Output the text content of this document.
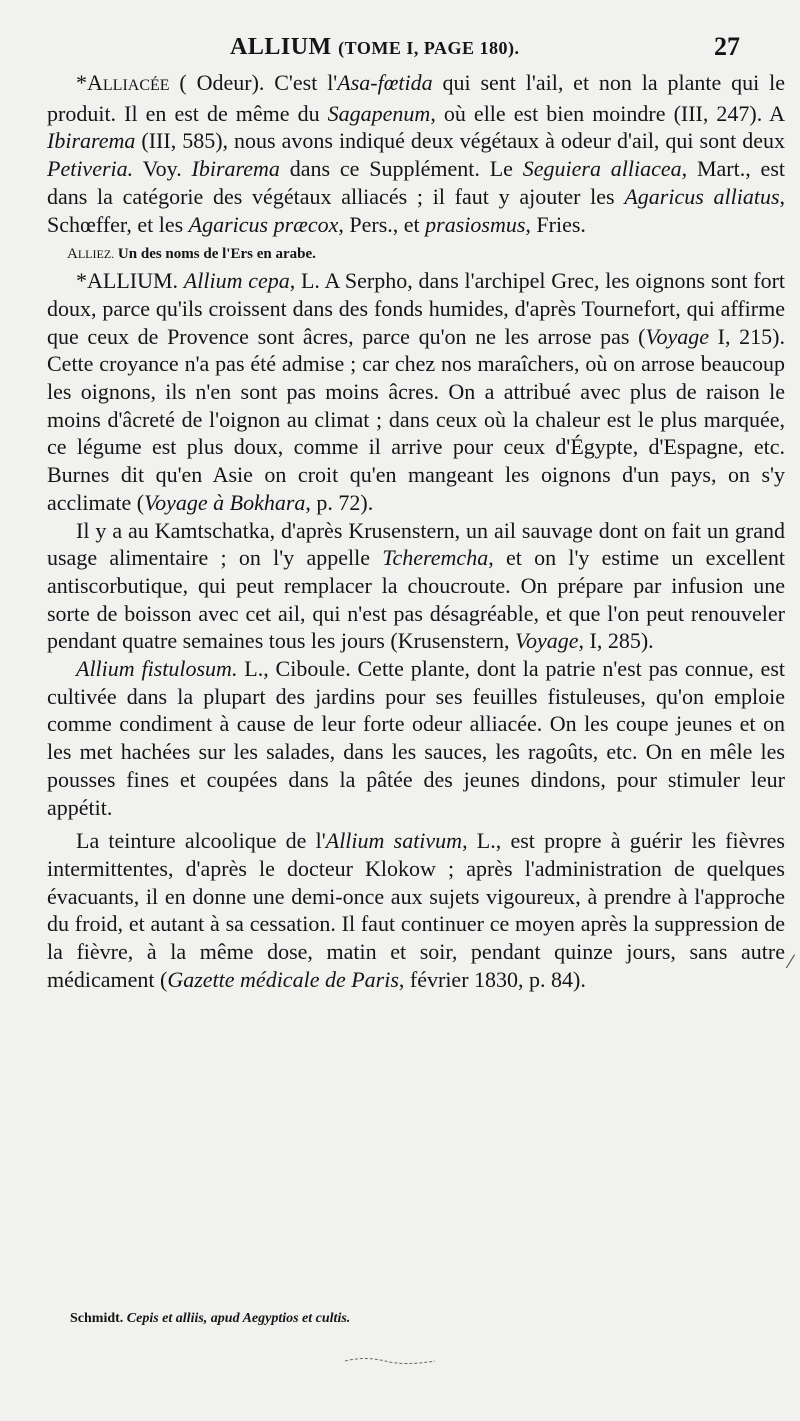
ALLIUM (TOME I, PAGE 180).	27

*ALLIACÉE ( Odeur). C'est l'Asa-fœtida qui sent l'ail, et non la plante qui le produit. Il en est de même du Sagapenum, où elle est bien moindre (III, 247). A Ibirarema (III, 585), nous avons indiqué deux végétaux à odeur d'ail, qui sont deux Petiveria. Voy. Ibirarema dans ce Supplément. Le Seguiera alliacea, Mart., est dans la catégorie des végétaux alliacés ; il faut y ajouter les Agaricus alliatus, Schœffer, et les Agaricus præcox, Pers., et prasiosmus, Fries.

ALLIEZ. Un des noms de l'Ers en arabe.

*ALLIUM. Allium cepa, L. A Serpho, dans l'archipel Grec, les oignons sont fort doux, parce qu'ils croissent dans des fonds humides, d'après Tournefort, qui affirme que ceux de Provence sont âcres, parce qu'on ne les arrose pas (Voyage I, 215). Cette croyance n'a pas été admise ; car chez nos maraîchers, où on arrose beaucoup les oignons, ils n'en sont pas moins âcres. On a attribué avec plus de raison le moins d'âcreté de l'oignon au climat ; dans ceux où la chaleur est le plus marquée, ce légume est plus doux, comme il arrive pour ceux d'Égypte, d'Espagne, etc. Burnes dit qu'en Asie on croit qu'en mangeant les oignons d'un pays, on s'y acclimate (Voyage à Bokhara, p. 72).

Il y a au Kamtschatka, d'après Krusenstern, un ail sauvage dont on fait un grand usage alimentaire ; on l'y appelle Tcheremcha, et on l'y estime un excellent antiscorbutique, qui peut remplacer la choucroute. On prépare par infusion une sorte de boisson avec cet ail, qui n'est pas désagréable, et que l'on peut renouveler pendant quatre semaines tous les jours (Krusenstern, Voyage, I, 285).

Allium fistulosum. L., Ciboule. Cette plante, dont la patrie n'est pas connue, est cultivée dans la plupart des jardins pour ses feuilles fistuleuses, qu'on emploie comme condiment à cause de leur forte odeur alliacée. On les coupe jeunes et on les met hachées sur les salades, dans les sauces, les ragoûts, etc. On en mêle les pousses fines et coupées dans la pâtée des jeunes dindons, pour stimuler leur appétit.

La teinture alcoolique de l'Allium sativum, L., est propre à guérir les fièvres intermittentes, d'après le docteur Klokow ; après l'administration de quelques évacuants, il en donne une demi-once aux sujets vigoureux, à prendre à l'approche du froid, et autant à sa cessation. Il faut continuer ce moyen après la suppression de la fièvre, à la même dose, matin et soir, pendant quinze jours, sans autre médicament (Gazette médicale de Paris, février 1830, p. 84).

Schmidt. Cepis et alliis, apud Aegyptios et cultis.
⁄
